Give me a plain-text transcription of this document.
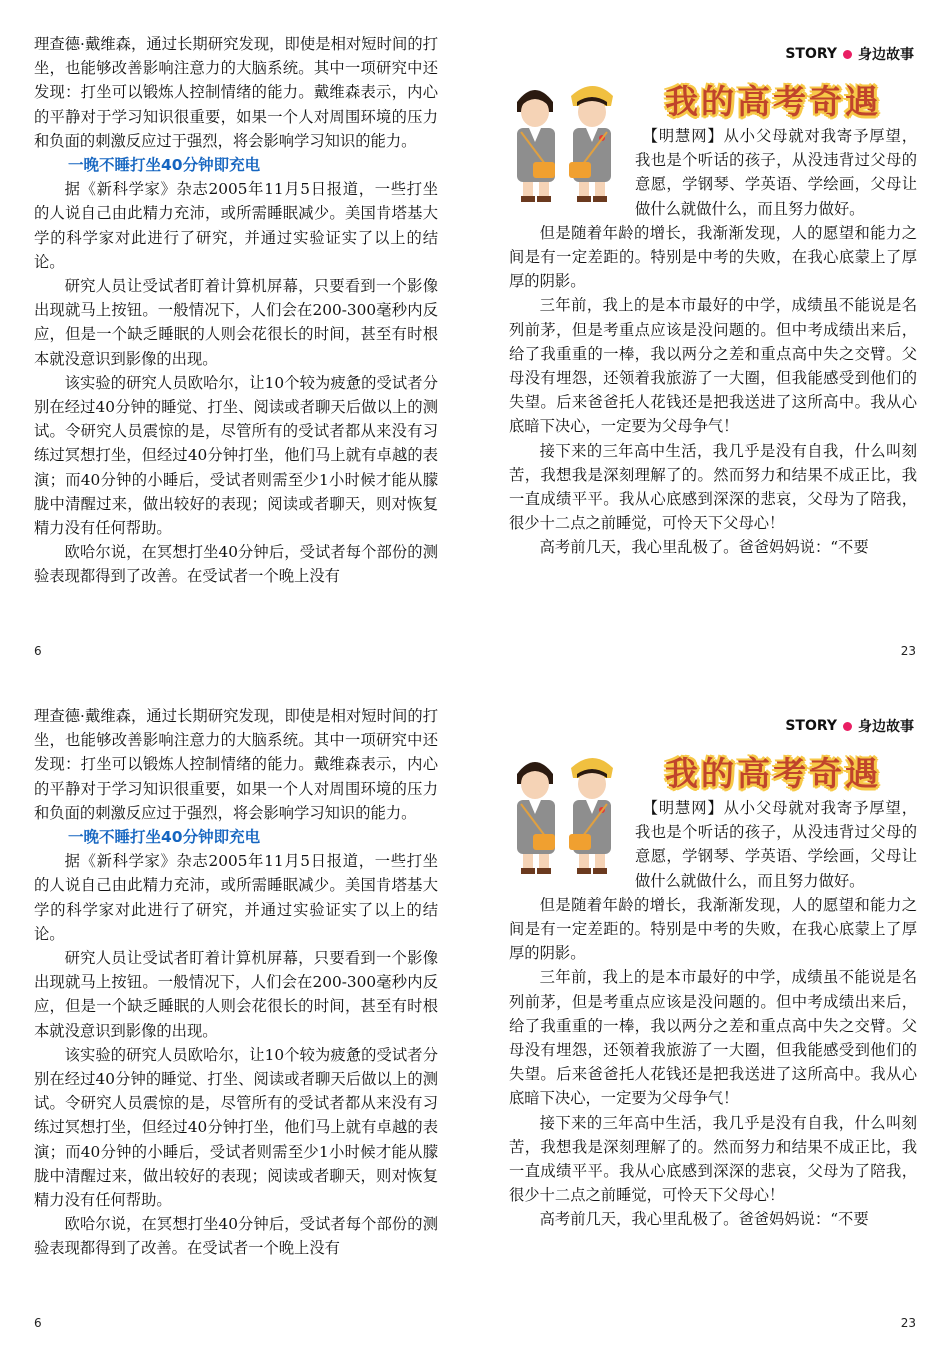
理查德·戴维森，通过长期研究发现，即使是相对短时间的打坐，也能够改善影响注意力的大脑系统。其中一项研究中还发现：打坐可以锻炼人控制情绪的能力。戴维森表示，内心的平静对于学习知识很重要，如果一个人对周围环境的压力和负面的刺激反应过于强烈，将会影响学习知识的能力。

一晚不睡打坐40分钟即充电

据《新科学家》杂志2005年11月5日报道，一些打坐的人说自己由此精力充沛，或所需睡眠减少。美国肯塔基大学的科学家对此进行了研究，并通过实验证实了以上的结论。

研究人员让受试者盯着计算机屏幕，只要看到一个影像出现就马上按钮。一般情况下，人们会在200-300毫秒内反应，但是一个缺乏睡眠的人则会花很长的时间，甚至有时根本就没意识到影像的出现。

该实验的研究人员欧哈尔，让10个较为疲惫的受试者分别在经过40分钟的睡觉、打坐、阅读或者聊天后做以上的测试。令研究人员震惊的是，尽管所有的受试者都从来没有习练过冥想打坐，但经过40分钟打坐，他们马上就有卓越的表演；而40分钟的小睡后，受试者则需至少1小时候才能从朦胧中清醒过来，做出较好的表现；阅读或者聊天，则对恢复精力没有任何帮助。

欧哈尔说，在冥想打坐40分钟后，受试者每个部份的测验表现都得到了改善。在受试者一个晚上没有

6
STORY 身边故事
我的高考奇遇

【明慧网】从小父母就对我寄予厚望，我也是个听话的孩子，从没违背过父母的意愿，学钢琴、学英语、学绘画，父母让做什么就做什么，而且努力做好。

但是随着年龄的增长，我渐渐发现，人的愿望和能力之间是有一定差距的。特别是中考的失败，在我心底蒙上了厚厚的阴影。

三年前，我上的是本市最好的中学，成绩虽不能说是名列前茅，但是考重点应该是没问题的。但中考成绩出来后，给了我重重的一棒，我以两分之差和重点高中失之交臂。父母没有埋怨，还领着我旅游了一大圈，但我能感受到他们的失望。后来爸爸托人花钱还是把我送进了这所高中。我从心底暗下决心，一定要为父母争气！

接下来的三年高中生活，我几乎是没有自我，什么叫刻苦，我想我是深刻理解了的。然而努力和结果不成正比，我一直成绩平平。我从心底感到深深的悲哀，父母为了陪我，很少十二点之前睡觉，可怜天下父母心！

高考前几天，我心里乱极了。爸爸妈妈说：“不要

23

理查德·戴维森，通过长期研究发现，即使是相对短时间的打坐，也能够改善影响注意力的大脑系统。其中一项研究中还发现：打坐可以锻炼人控制情绪的能力。戴维森表示，内心的平静对于学习知识很重要，如果一个人对周围环境的压力和负面的刺激反应过于强烈，将会影响学习知识的能力。

一晚不睡打坐40分钟即充电

据《新科学家》杂志2005年11月5日报道，一些打坐的人说自己由此精力充沛，或所需睡眠减少。美国肯塔基大学的科学家对此进行了研究，并通过实验证实了以上的结论。

研究人员让受试者盯着计算机屏幕，只要看到一个影像出现就马上按钮。一般情况下，人们会在200-300毫秒内反应，但是一个缺乏睡眠的人则会花很长的时间，甚至有时根本就没意识到影像的出现。

该实验的研究人员欧哈尔，让10个较为疲惫的受试者分别在经过40分钟的睡觉、打坐、阅读或者聊天后做以上的测试。令研究人员震惊的是，尽管所有的受试者都从来没有习练过冥想打坐，但经过40分钟打坐，他们马上就有卓越的表演；而40分钟的小睡后，受试者则需至少1小时候才能从朦胧中清醒过来，做出较好的表现；阅读或者聊天，则对恢复精力没有任何帮助。

欧哈尔说，在冥想打坐40分钟后，受试者每个部份的测验表现都得到了改善。在受试者一个晚上没有

6
STORY 身边故事
我的高考奇遇

【明慧网】从小父母就对我寄予厚望，我也是个听话的孩子，从没违背过父母的意愿，学钢琴、学英语、学绘画，父母让做什么就做什么，而且努力做好。

但是随着年龄的增长，我渐渐发现，人的愿望和能力之间是有一定差距的。特别是中考的失败，在我心底蒙上了厚厚的阴影。

三年前，我上的是本市最好的中学，成绩虽不能说是名列前茅，但是考重点应该是没问题的。但中考成绩出来后，给了我重重的一棒，我以两分之差和重点高中失之交臂。父母没有埋怨，还领着我旅游了一大圈，但我能感受到他们的失望。后来爸爸托人花钱还是把我送进了这所高中。我从心底暗下决心，一定要为父母争气！

接下来的三年高中生活，我几乎是没有自我，什么叫刻苦，我想我是深刻理解了的。然而努力和结果不成正比，我一直成绩平平。我从心底感到深深的悲哀，父母为了陪我，很少十二点之前睡觉，可怜天下父母心！

高考前几天，我心里乱极了。爸爸妈妈说：“不要

23
